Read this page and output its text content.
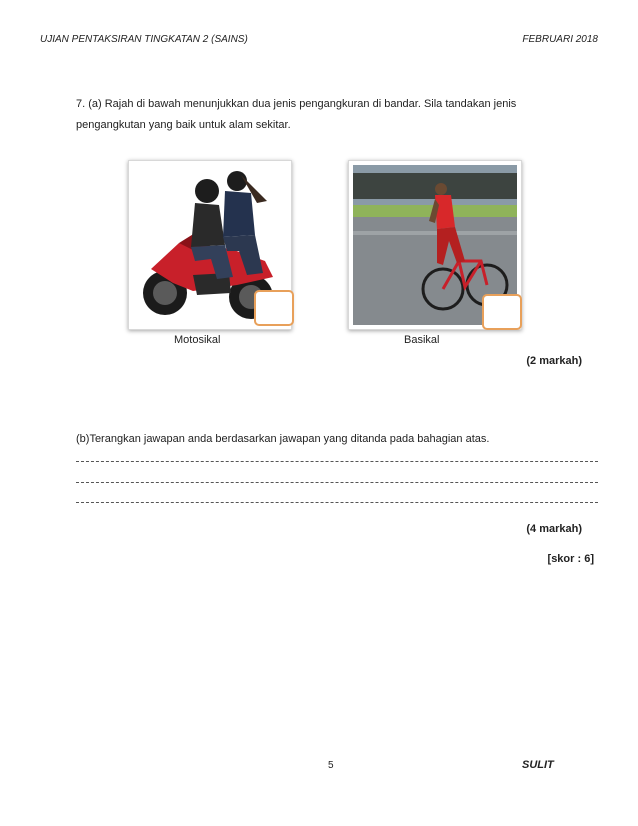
UJIAN PENTAKSIRAN TINGKATAN 2 (SAINS)	FEBRUARI 2018
7. (a) Rajah di bawah menunjukkan dua jenis pengangkuran di bandar. Sila tandakan jenis
pengangkutan yang baik untuk alam sekitar.
Motosikal	Basikal
(2 markah)
(b)Terangkan jawapan anda berdasarkan jawapan yang ditanda pada bahagian atas.
(4 markah)
[skor : 6]
5	SULIT
